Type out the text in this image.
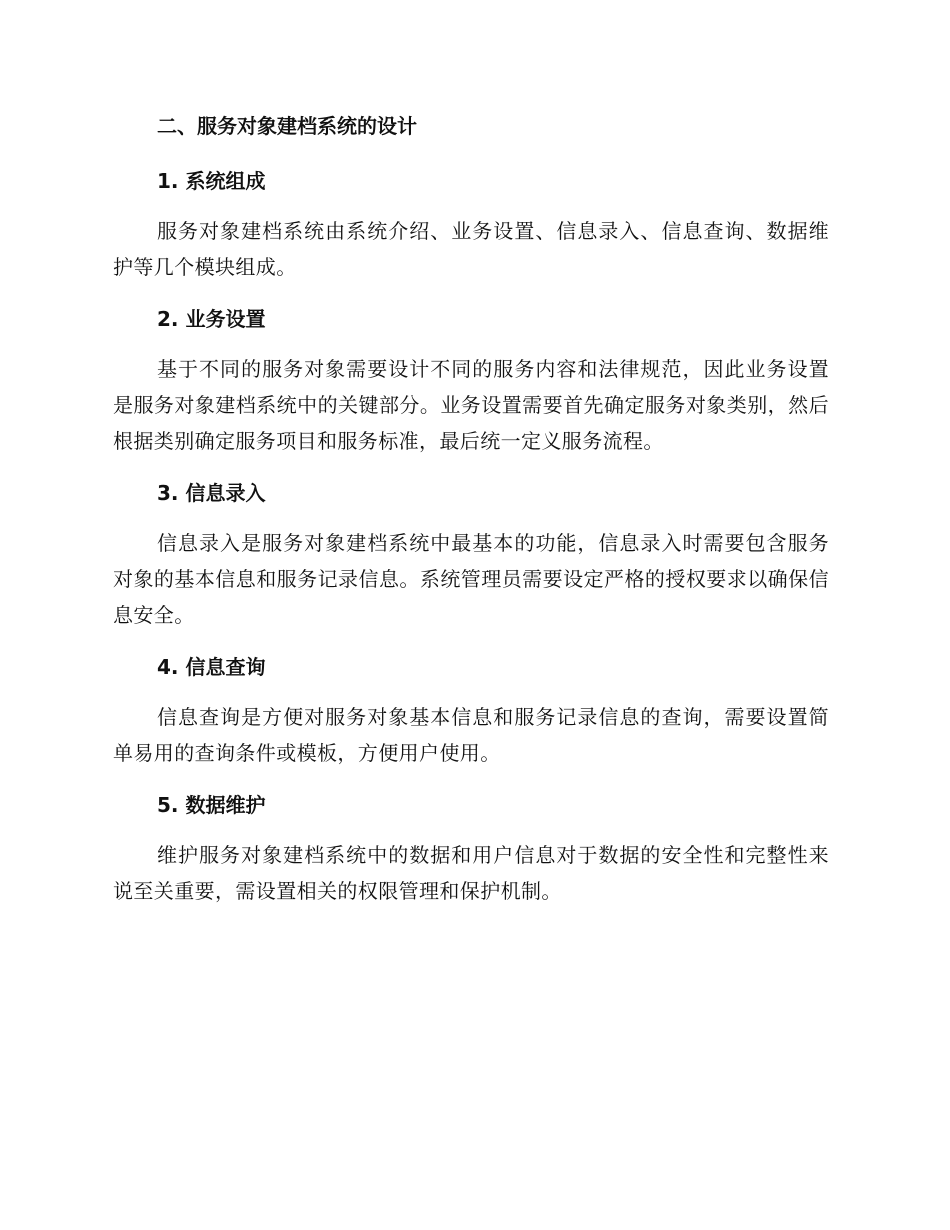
二、服务对象建档系统的设计
1. 系统组成

服务对象建档系统由系统介绍、业务设置、信息录入、信息查询、数据维护等几个模块组成。

2. 业务设置

基于不同的服务对象需要设计不同的服务内容和法律规范，因此业务设置是服务对象建档系统中的关键部分。业务设置需要首先确定服务对象类别，然后根据类别确定服务项目和服务标准，最后统一定义服务流程。

3. 信息录入

信息录入是服务对象建档系统中最基本的功能，信息录入时需要包含服务对象的基本信息和服务记录信息。系统管理员需要设定严格的授权要求以确保信息安全。

4. 信息查询

信息查询是方便对服务对象基本信息和服务记录信息的查询，需要设置简单易用的查询条件或模板，方便用户使用。

5. 数据维护

维护服务对象建档系统中的数据和用户信息对于数据的安全性和完整性来说至关重要，需设置相关的权限管理和保护机制。
